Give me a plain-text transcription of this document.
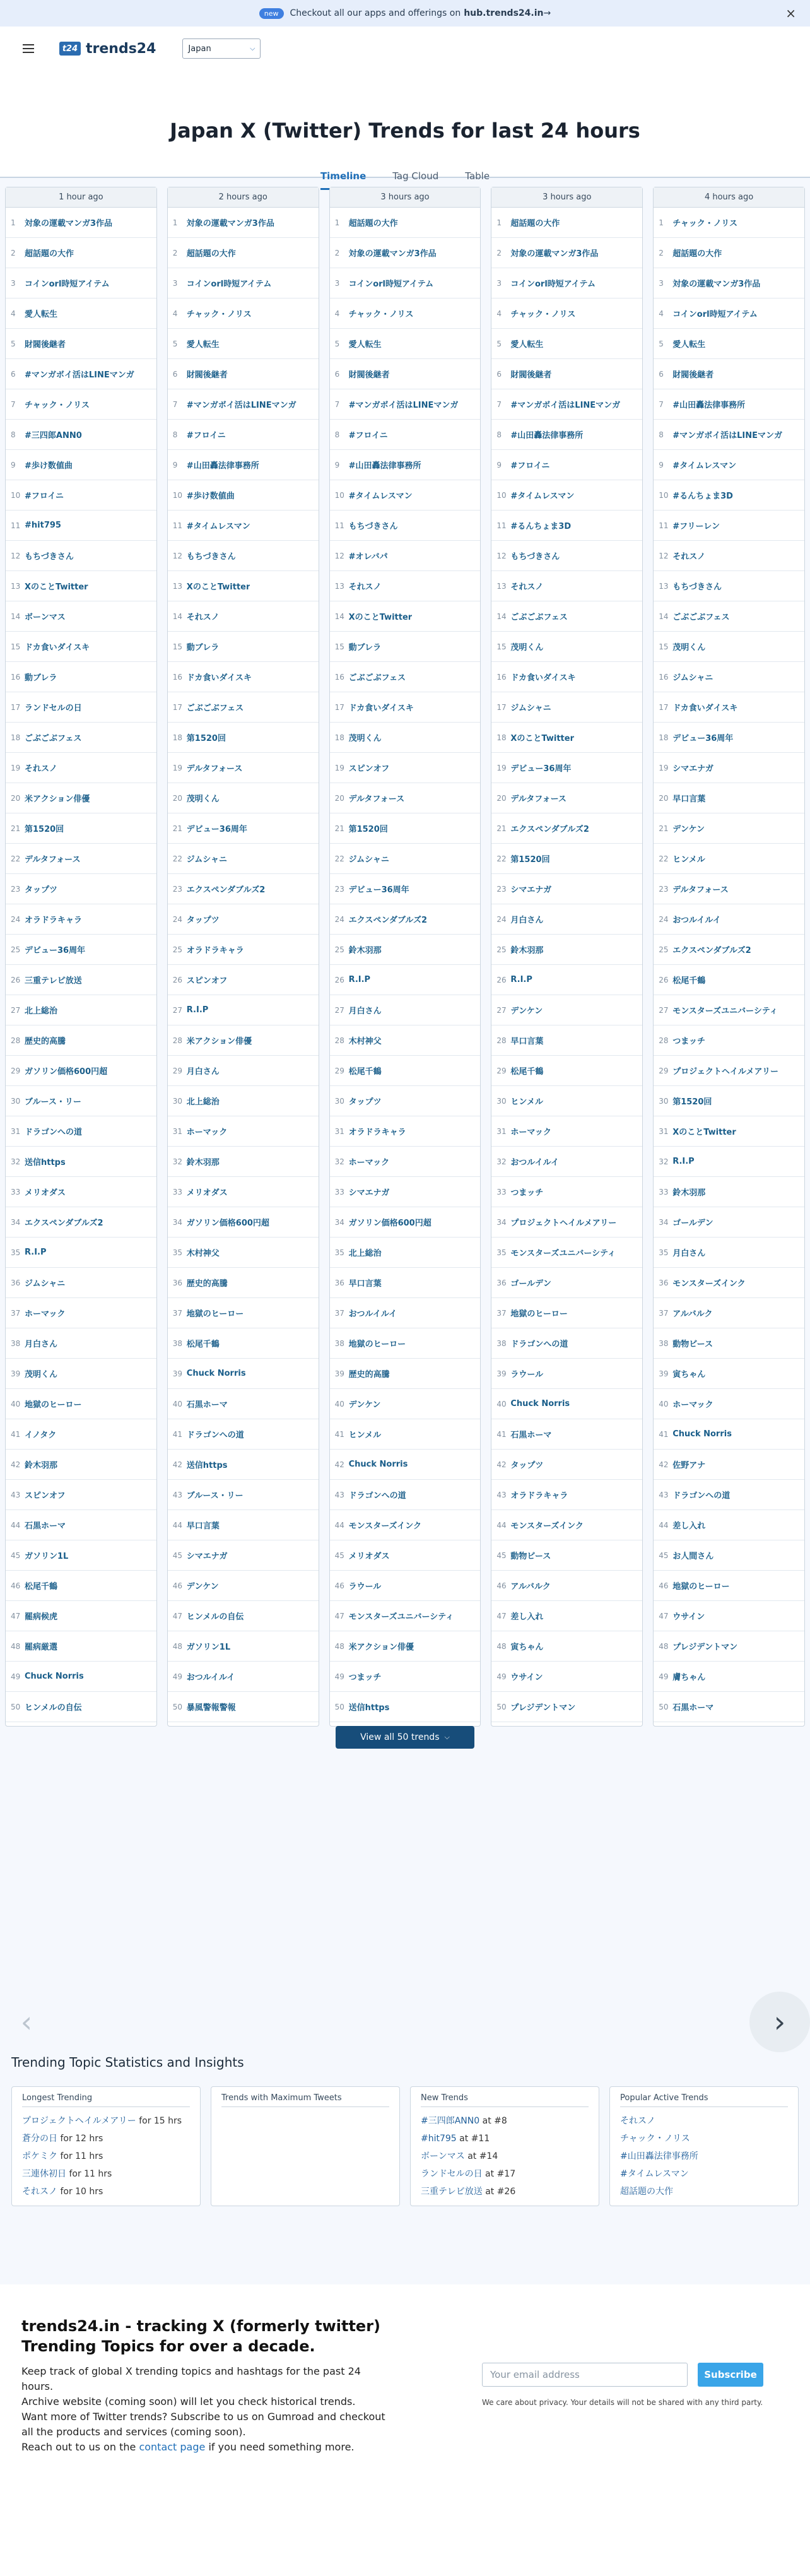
new	Checkout all our apps and offerings on hub.trends24.in →	×
t24 trends24	Japan	⌵
Japan X (Twitter) Trends for last 24 hours
Timeline	Tag Cloud	Table
1 hour ago
1	対象の運載マンガ3作品
2	超話題の大作
3	コインorl時短アイテム
4	愛人転生
5	財閥後継者
6	#マンガボイ活はLINEマンガ
7	チャック・ノリス
8	#三四郎ANN0
9	#歩け数値曲
10 #フロイニ
11 #hit795
12 もちづきさん
13 XのことTwitter
14 ボーンマス
15 ドカ食いダイスキ
16 動ブレラ
17 ランドセルの日
18 ごぶごぶフェス
19 それスノ
20 米アクション俳優
21 第1520回
22 デルタフォース
23 タップツ
24 オラドラキャラ
25 デビュー36周年
26 三重テレビ放送
27 北上総治
28 歴史的高騰
29 ガソリン価格600円超
30 ブルース・リー
31 ドラゴンへの道
32 送信https
33 メリオダス
34 エクスペンダブルズ2
35 R.I.P
36 ジムシャニ
37 ホーマック
38 月白さん
39 茂明くん
40 地獄のヒーロー
41 イノタク
42 鈴木羽那
43 スピンオフ
44 石黒ホーマ
45 ガソリン1L
46 松尾千鶴
47 罷病候虎
48 罷病厳選
49 Chuck Norris
50 ヒンメルの自伝
2 hours ago
1	対象の運載マンガ3作品
2	超話題の大作
3	コインorl時短アイテム
4	チャック・ノリス
5	愛人転生
6	財閥後継者
7	#マンガボイ活はLINEマンガ
8	#フロイニ
9	#山田轟法律事務所
10 #歩け数値曲
11 #タイムレスマン
12 もちづきさん
13 XのことTwitter
14 それスノ
15 動ブレラ
16 ドカ食いダイスキ
17 ごぶごぶフェス
18 第1520回
19 デルタフォース
20 茂明くん
21 デビュー36周年
22 ジムシャニ
23 エクスペンダブルズ2
24 タップツ
25 オラドラキャラ
26 スピンオフ
27 R.I.P
28 米アクション俳優
29 月白さん
30 北上総治
31 ホーマック
32 鈴木羽那
33 メリオダス
34 ガソリン価格600円超
35 木村神父
36 歴史的高騰
37 地獄のヒーロー
38 松尾千鶴
39 Chuck Norris
40 石黒ホーマ
41 ドラゴンへの道
42 送信https
43 ブルース・リー
44 早口言葉
45 シマエナガ
46 デンケン
47 ヒンメルの自伝
48 ガソリン1L
49 おつルイルイ
50 暴風警報警報
3 hours ago
1	超話題の大作
2	対象の運載マンガ3作品
3	コインorl時短アイテム
4	チャック・ノリス
5	愛人転生
6	財閥後継者
7	#マンガボイ活はLINEマンガ
8	#フロイニ
9	#山田轟法律事務所
10 #タイムレスマン
11 もちづきさん
12 #オレバパ
13 それスノ
14 XのことTwitter
15 動ブレラ
16 ごぶごぶフェス
17 ドカ食いダイスキ
18 茂明くん
19 スピンオフ
20 デルタフォース
21 第1520回
22 ジムシャニ
23 デビュー36周年
24 エクスペンダブルズ2
25 鈴木羽那
26 R.I.P
27 月白さん
28 木村神父
29 松尾千鶴
30 タップツ
31 オラドラキャラ
32 ホーマック
33 シマエナガ
34 ガソリン価格600円超
35 北上総治
36 早口言葉
37 おつルイルイ
38 地獄のヒーロー
39 歴史的高騰
40 デンケン
41 ヒンメル
42 Chuck Norris
43 ドラゴンへの道
44 モンスターズインク
45 メリオダス
46 ラウール
47 モンスターズユニバーシティ
48 米アクション俳優
49 つまッチ
50 送信https
3 hours ago
1	超話題の大作
2	対象の運載マンガ3作品
3	コインorl時短アイテム
4	チャック・ノリス
5	愛人転生
6	財閥後継者
7	#マンガボイ活はLINEマンガ
8	#山田轟法律事務所
9	#フロイニ
10 #タイムレスマン
11 #るんちょま3D
12 もちづきさん
13 それスノ
14 ごぶごぶフェス
15 茂明くん
16 ドカ食いダイスキ
17 ジムシャニ
18 XのことTwitter
19 デビュー36周年
20 デルタフォース
21 エクスペンダブルズ2
22 第1520回
23 シマエナガ
24 月白さん
25 鈴木羽那
26 R.I.P
27 デンケン
28 早口言葉
29 松尾千鶴
30 ヒンメル
31 ホーマック
32 おつルイルイ
33 つまッチ
34 プロジェクトヘイルメアリー
35 モンスターズユニバーシティ
36 ゴールデン
37 地獄のヒーロー
38 ドラゴンへの道
39 ラウール
40 Chuck Norris
41 石黒ホーマ
42 タップツ
43 オラドラキャラ
44 モンスターズインク
45 動物ビース
46 アルバルク
47 差し入れ
48 寅ちゃん
49 ウサイン
50 プレジデントマン
4 hours ago
1	チャック・ノリス
2	超話題の大作
3	対象の運載マンガ3作品
4	コインorl時短アイテム
5	愛人転生
6	財閥後継者
7	#山田轟法律事務所
8	#マンガボイ活はLINEマンガ
9	#タイムレスマン
10 #るんちょま3D
11 #フリーレン
12 それスノ
13 もちづきさん
14 ごぶごぶフェス
15 茂明くん
16 ジムシャニ
17 ドカ食いダイスキ
18 デビュー36周年
19 シマエナガ
20 早口言葉
21 デンケン
22 ヒンメル
23 デルタフォース
24 おつルイルイ
25 エクスペンダブルズ2
26 松尾千鶴
27 モンスターズユニバーシティ
28 つまッチ
29 プロジェクトヘイルメアリー
30 第1520回
31 XのことTwitter
32 R.I.P
33 鈴木羽那
34 ゴールデン
35 月白さん
36 モンスターズインク
37 アルバルク
38 動物ビース
39 寅ちゃん
40 ホーマック
41 Chuck Norris
42 佐野アナ
43 ドラゴンへの道
44 差し入れ
45 お人間さん
46 地獄のヒーロー
47 ウサイン
48 プレジデントマン
49 膚ちゃん
50 石黒ホーマ
View all 50 trends ⌵
‹	›
Trending Topic Statistics and Insights
Longest Trending
プロジェクトヘイルメアリー for 15 hrs
蒼分の日 for 12 hrs
ポケミク for 11 hrs
三連休初日 for 11 hrs
それスノ for 10 hrs
Trends with Maximum Tweets	New Trends
#三四郎ANN0 at #8
#hit795 at #11
ボーンマス at #14
ランドセルの日 at #17
三重テレビ放送 at #26
Popular Active Trends
それスノ
チャック・ノリス
#山田轟法律事務所
#タイムレスマン
超話題の大作
trends24.in - tracking X (formerly twitter) Trending Topics for over a decade.
Keep track of global X trending topics and hashtags for the past 24 hours.
Archive website (coming soon) will let you check historical trends.
Want more of Twitter trends? Subscribe to us on Gumroad and checkout all the products and services (coming soon).
Reach out to us on the contact page if you need something more.
Your email address	Subscribe
We care about privacy. Your details will not be shared with any third party.
